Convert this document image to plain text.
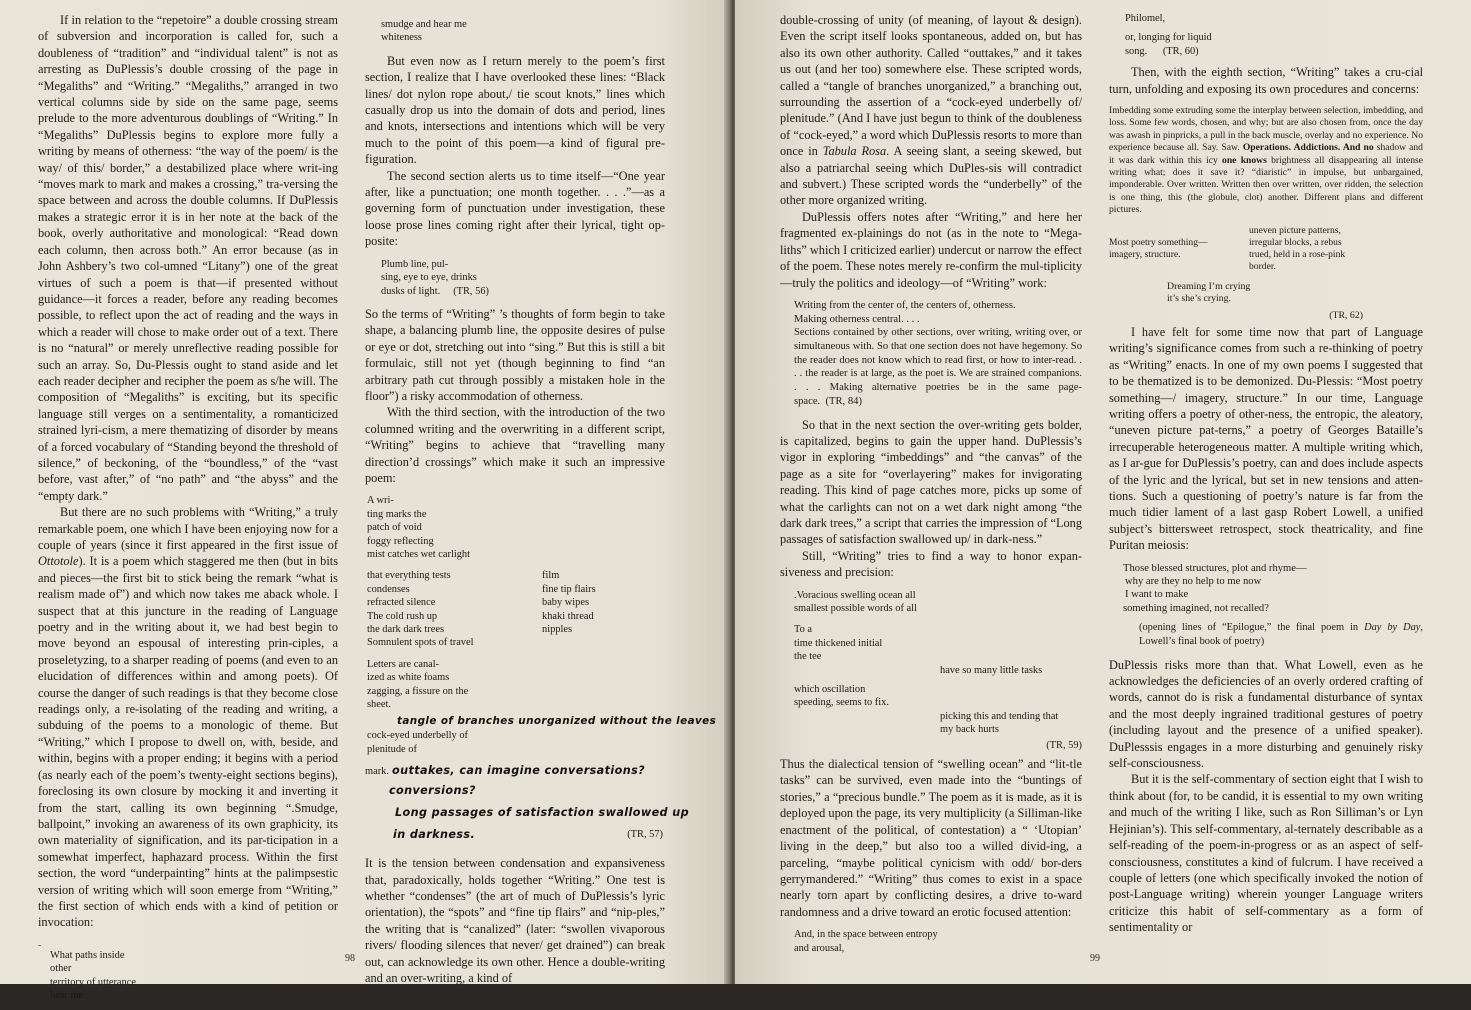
If in relation to the “repetoire” a double crossing stream of subversion and incorporation is called for, such a doubleness of “tradition” and “individual talent” is not as arresting as DuPlessis’s double crossing of the page in “Megaliths” and “Writing.” “Megaliths,” arranged in two vertical columns side by side on the same page, seems prelude to the more adventurous doublings of “Writing.” In “Megaliths” DuPlessis begins to explore more fully a writing by means of otherness: “the way of the poem/ is the way/ of this/ border,” a destabilized place where writ-ing “moves mark to mark and makes a crossing,” tra-versing the space between and across the double columns. If DuPlessis makes a strategic error it is in her note at the back of the book, overly authoritative and monological: “Read down each column, then across both.” An error because (as in John Ashbery’s two col-umned “Litany”) one of the great virtues of such a poem is that—if presented without guidance—it forces a reader, before any reading becomes possible, to reflect upon the act of reading and the ways in which a reader will chose to make order out of a text. There is no “natural” or merely unreflective reading possible for such an array. So, Du-Plessis ought to stand aside and let each reader decipher and recipher the poem as s/he will. The composition of “Megaliths” is exciting, but its specific language still verges on a sentimentality, a romanticized strained lyri-cism, a mere thematizing of disorder by means of a forced vocabulary of “Standing beyond the threshold of silence,” of beckoning, of the “boundless,” of the “vast before, vast after,” of “no path” and “the abyss” and the “empty dark.”

But there are no such problems with “Writing,” a truly remarkable poem, one which I have been enjoying now for a couple of years (since it first appeared in the first issue of Ottotole). It is a poem which staggered me then (but in bits and pieces—the first bit to stick being the remark “what is realism made of”) and which now takes me aback whole. I suspect that at this juncture in the reading of Language poetry and in the writing about it, we had best begin to move beyond an espousal of interesting prin-ciples, a proseletyzing, to a sharper reading of poems (and even to an elucidation of differences within and among poets). Of course the danger of such readings is that they become close readings only, a re-isolating of the reading and writing, a subduing of the poems to a monologic of theme. But “Writing,” which I propose to dwell on, with, beside, and within, begins with a proper ending; it begins with a period (as nearly each of the poem’s twenty-eight sections begins), foreclosing its own closure by mocking it and inverting it from the start, calling its own beginning “.Smudge, ballpoint,” invoking an awareness of its own graphicity, its own materiality of signification, and its par-ticipation in a somewhat imperfect, haphazard process. Within the first section, the word “underpainting” hints at the palimpsestic version of writing which will soon emerge from “Writing,” the first section of which ends with a kind of petition or invocation:

What paths inside
other
territory of utterance
hear me
-
smudge and hear me
whiteness

But even now as I return merely to the poem’s first section, I realize that I have overlooked these lines: “Black lines/ dot nylon rope about,/ tie scout knots,” lines which casually drop us into the domain of dots and period, lines and knots, intersections and intentions which will be very much to the point of this poem—a kind of figural pre-figuration.

The second section alerts us to time itself—“One year after, like a punctuation; one month together. . . .”—as a governing form of punctuation under investigation, these loose prose lines coming right after their lyrical, tight op-posite:

Plumb line, pul-
sing, eye to eye, drinks
dusks of light. (TR, 56)

So the terms of “Writing” ’s thoughts of form begin to take shape, a balancing plumb line, the opposite desires of pulse or eye or dot, stretching out into “sing.” But this is still a bit formulaic, still not yet (though beginning to find “an arbitrary path cut through possibly a mistaken hole in the floor”) a risky accommodation of otherness.

With the third section, with the introduction of the two columned writing and the overwriting in a different script, “Writing” begins to achieve that “travelling many direction’d crossings” which make it such an impressive poem:

A wri-
ting marks the
patch of void
foggy reflecting
mist catches wet carlight
that everything tests
condenses
refracted silence
The cold rush up
the dark dark trees
Somnulent spots of travel
film
fine tip flairs
baby wipes
khaki thread
nipples
Letters are canal-
ized as white foams
zagging, a fissure on the
sheet.
tangle of branches unorganized without the leaves
cock-eyed underbelly of
plenitude of
mark. outtakes, can imagine conversations?
conversions?
Long passages of satisfaction swallowed up
in darkness.	(TR, 57)

It is the tension between condensation and expansiveness that, paradoxically, holds together “Writing.” One test is whether “condenses” (the art of much of DuPlessis’s lyric orientation), the “spots” and “fine tip flairs” and “nip-ples,” the writing that is “canalized” (later: “swollen vivaporous rivers/ flooding silences that never/ get drained”) can break out, can acknowledge its own other. Hence a double-writing and an over-writing, a kind of

98

double-crossing of unity (of meaning, of layout & design). Even the script itself looks spontaneous, added on, but has also its own other authority. Called “outtakes,” and it takes us out (and her too) somewhere else. These scripted words, called a “tangle of branches unorganized,” a branching out, surrounding the assertion of a “cock-eyed underbelly of/ plenitude.” (And I have just begun to think of the doubleness of “cock-eyed,” a word which DuPlessis resorts to more than once in Tabula Rosa. A seeing slant, a seeing skewed, but also a patriarchal seeing which DuPles-sis will contradict and subvert.) These scripted words the “underbelly” of the other more organized writing.

DuPlessis offers notes after “Writing,” and here her fragmented ex-plainings do not (as in the note to “Mega-liths” which I criticized earlier) undercut or narrow the effect of the poem. These notes merely re-confirm the mul-tiplicity—truly the politics and ideology—of “Writing” work:

Writing from the center of, the centers of, otherness.

Making otherness central. . . .

Sections contained by other sections, over writing, writing over, or simultaneous with. So that one section does not have hegemony. So the reader does not know which to read first, or how to inter-read. . . . the reader is at large, as the poet is. We are strained companions. . . . Making alternative poetries be in the same page-space. (TR, 84)

So that in the next section the over-writing gets bolder, is capitalized, begins to gain the upper hand. DuPlessis’s vigor in exploring “imbeddings” and “the canvas” of the page as a site for “overlayering” makes for invigorating reading. This kind of page catches more, picks up some of what the carlights can not on a wet dark night among “the dark dark trees,” a script that carries the impression of “Long passages of satisfaction swallowed up/ in dark-ness.”

Still, “Writing” tries to find a way to honor expan-siveness and precision:

.Voracious swelling ocean all
smallest possible words of all
To a
time thickened initial
the tee
have so many little tasks
which oscillation
speeding, seems to fix.
picking this and tending that
my back hurts
(TR, 59)

Thus the dialectical tension of “swelling ocean” and “lit-tle tasks” can be survived, even made into the “buntings of stories,” a “precious bundle.” The poem as it is made, as it is deployed upon the page, its very multiplicity (a Silliman-like enactment of the political, of contestation) a “ ‘Utopian’ living in the deep,” but also too a willed divid-ing, a parceling, “maybe political cynicism with odd/ bor-ders gerrymandered.” “Writing” thus comes to exist in a space nearly torn apart by conflicting desires, a drive to-ward randomness and a drive toward an erotic focused attention:

And, in the space between entropy
and arousal,
Philomel,
or, longing for liquid
song. (TR, 60)

Then, with the eighth section, “Writing” takes a cru-cial turn, unfolding and exposing its own procedures and concerns:

Imbedding some extruding some the interplay between selection, imbedding, and loss. Some few words, chosen, and why; but are also chosen from, once the day was awash in pinpricks, a pull in the back muscle, overlay and no experience. No experience because all. Say. Saw. Operations. Addictions. And no shadow and it was dark within this icy one knows brightness all disappearing all intense writing what; does it save it? “diaristic” in impulse, but unbargained, imponderable. Over written. Written then over written, over ridden, the selection is one thing, this (the globule, clot) another. Different plans and different pictures.

uneven picture patterns,
irregular blocks, a rebus
trued, held in a rose-pink
border.
Most poetry something—
imagery, structure.
Dreaming I’m crying
it’s she’s crying.
(TR, 62)

I have felt for some time now that part of Language writing’s significance comes from such a re-thinking of poetry as “Writing” enacts. In one of my own poems I suggested that to be thematized is to be demonized. Du-Plessis: “Most poetry something—/ imagery, structure.” In our time, Language writing offers a poetry of other-ness, the entropic, the aleatory, “uneven picture pat-terns,” a poetry of Georges Bataille’s irrecuperable heterogeneous matter. A multiple writing which, as I ar-gue for DuPlessis’s poetry, can and does include aspects of the lyric and the lyrical, but set in new tensions and atten-tions. Such a questioning of poetry’s nature is far from the much tidier lament of a last gasp Robert Lowell, a unified subject’s bittersweet retrospect, stock theatricality, and fine Puritan meiosis:

Those blessed structures, plot and rhyme—
why are they no help to me now
I want to make
something imagined, not recalled?

(opening lines of “Epilogue,” the final poem in Day by Day, Lowell’s final book of poetry)

DuPlessis risks more than that. What Lowell, even as he acknowledges the deficiencies of an overly ordered crafting of words, cannot do is risk a fundamental disturbance of syntax and the most deeply ingrained traditional gestures of poetry (including layout and the presence of a unified speaker). DuPlesssis engages in a more disturbing and genuinely risky self-consciousness.

But it is the self-commentary of section eight that I wish to think about (for, to be candid, it is essential to my own writing and much of the writing I like, such as Ron Silliman’s or Lyn Hejinian’s). This self-commentary, al-ternately describable as a self-reading of the poem-in-progress or as an aspect of self-consciousness, constitutes a kind of fulcrum. I have received a couple of letters (one which specifically invoked the notion of post-Language writing) wherein younger Language writers criticize this habit of self-commentary as a form of sentimentality or

99
